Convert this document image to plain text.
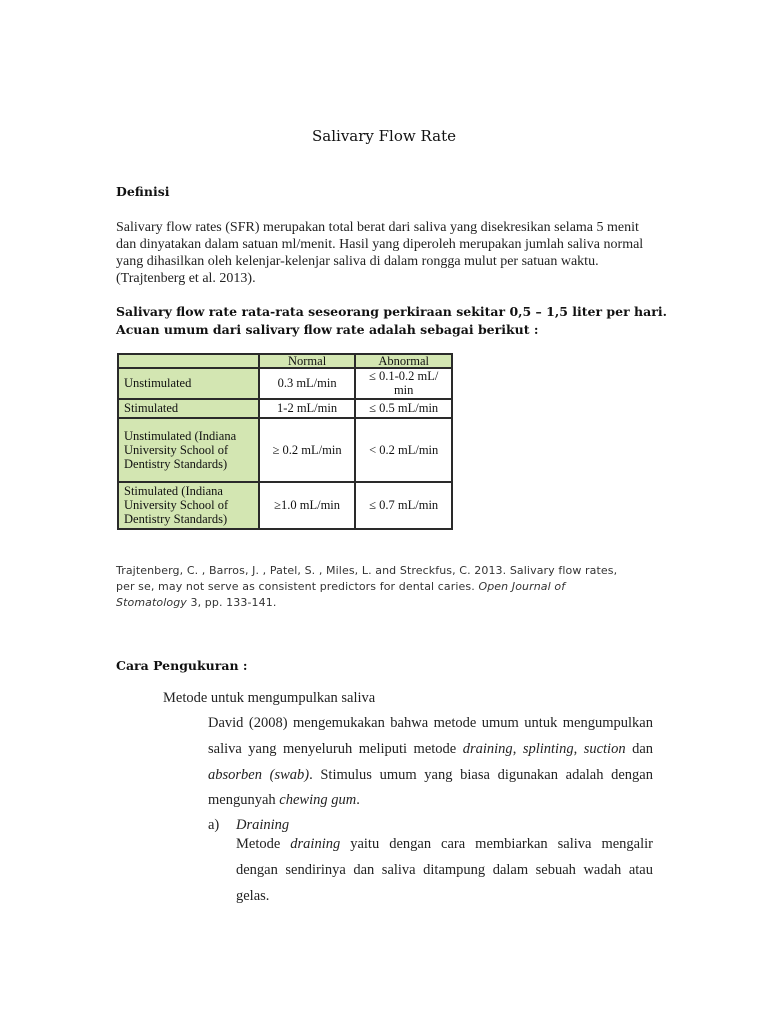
Salivary Flow Rate
Definisi
Salivary flow rates (SFR) merupakan total berat dari saliva yang disekresikan selama 5 menit dan dinyatakan dalam satuan ml/menit. Hasil yang diperoleh merupakan jumlah saliva normal yang dihasilkan oleh kelenjar-kelenjar saliva di dalam rongga mulut per satuan waktu. (Trajtenberg et al. 2013).
Salivary flow rate rata-rata seseorang perkiraan sekitar 0,5 – 1,5 liter per hari.
Acuan umum dari salivary flow rate adalah sebagai berikut :
	Normal	Abnormal
Unstimulated	0.3 mL/min	≤ 0.1-0.2 mL/ min
Stimulated	1-2 mL/min	≤ 0.5 mL/min
Unstimulated (Indiana University School of Dentistry Standards)	≥ 0.2 mL/min	< 0.2 mL/min
Stimulated (Indiana University School of Dentistry Standards)	≥1.0 mL/min	≤ 0.7 mL/min
Trajtenberg, C. , Barros, J. , Patel, S. , Miles, L. and Streckfus, C. 2013. Salivary flow rates, per se, may not serve as consistent predictors for dental caries. Open Journal of Stomatology 3, pp. 133-141.
Cara Pengukuran :
Metode untuk mengumpulkan saliva
David (2008) mengemukakan bahwa metode umum untuk mengumpulkan saliva yang menyeluruh meliputi metode draining, splinting, suction dan absorben (swab). Stimulus umum yang biasa digunakan adalah dengan mengunyah chewing gum.
a) Draining
Metode draining yaitu dengan cara membiarkan saliva mengalir dengan sendirinya dan saliva ditampung dalam sebuah wadah atau gelas.
